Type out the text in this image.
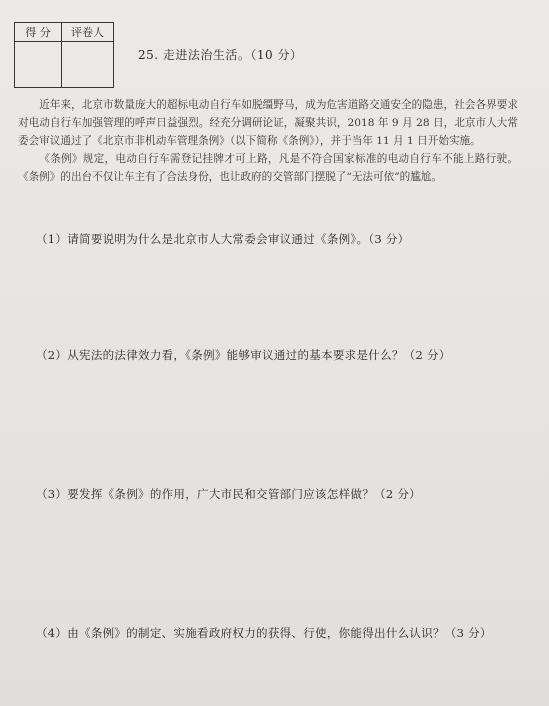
得 分	评卷人

25. 走进法治生活。（10 分）

近年来，北京市数量庞大的超标电动自行车如脱缰野马，成为危害道路交通安全的隐患，社会各界要求对电动自行车加强管理的呼声日益强烈。经充分调研论证，凝聚共识，2018 年 9 月 28 日，北京市人大常委会审议通过了《北京市非机动车管理条例》（以下简称《条例》），并于当年 11 月 1 日开始实施。

《条例》规定，电动自行车需登记挂牌才可上路，凡是不符合国家标准的电动自行车不能上路行驶。《条例》的出台不仅让车主有了合法身份，也让政府的交管部门摆脱了“无法可依”的尴尬。

（1）请简要说明为什么是北京市人大常委会审议通过《条例》。（3 分）
（2）从宪法的法律效力看，《条例》能够审议通过的基本要求是什么？（2 分）
（3）要发挥《条例》的作用，广大市民和交管部门应该怎样做？（2 分）
（4）由《条例》的制定、实施看政府权力的获得、行使，你能得出什么认识？（3 分）
